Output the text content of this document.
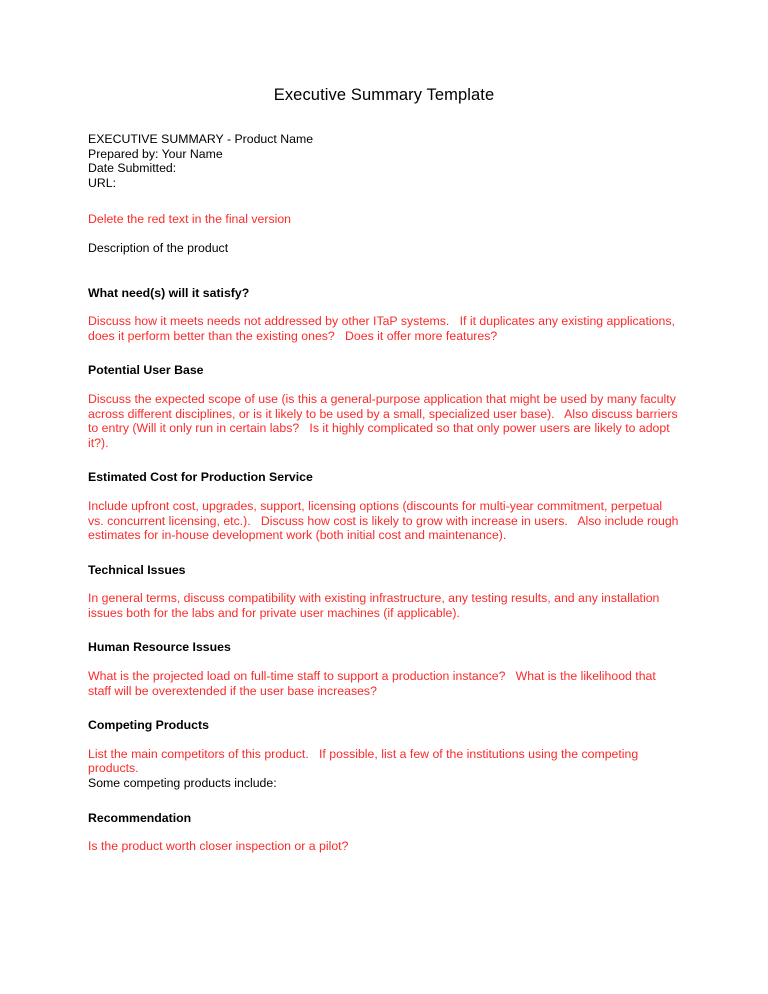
Executive Summary Template
EXECUTIVE SUMMARY - Product Name
Prepared by: Your Name
Date Submitted:
URL:

Delete the red text in the final version

Description of the product

What need(s) will it satisfy?

Discuss how it meets needs not addressed by other ITaP systems.   If it duplicates any existing applications, does it perform better than the existing ones?   Does it offer more features?

Potential User Base

Discuss the expected scope of use (is this a general-purpose application that might be used by many faculty across different disciplines, or is it likely to be used by a small, specialized user base).   Also discuss barriers to entry (Will it only run in certain labs?   Is it highly complicated so that only power users are likely to adopt it?).

Estimated Cost for Production Service

Include upfront cost, upgrades, support, licensing options (discounts for multi-year commitment, perpetual vs. concurrent licensing, etc.).   Discuss how cost is likely to grow with increase in users.   Also include rough estimates for in-house development work (both initial cost and maintenance).

Technical Issues

In general terms, discuss compatibility with existing infrastructure, any testing results, and any installation issues both for the labs and for private user machines (if applicable).

Human Resource Issues

What is the projected load on full-time staff to support a production instance?   What is the likelihood that staff will be overextended if the user base increases?

Competing Products

List the main competitors of this product.   If possible, list a few of the institutions using the competing products.

Some competing products include:

Recommendation

Is the product worth closer inspection or a pilot?
